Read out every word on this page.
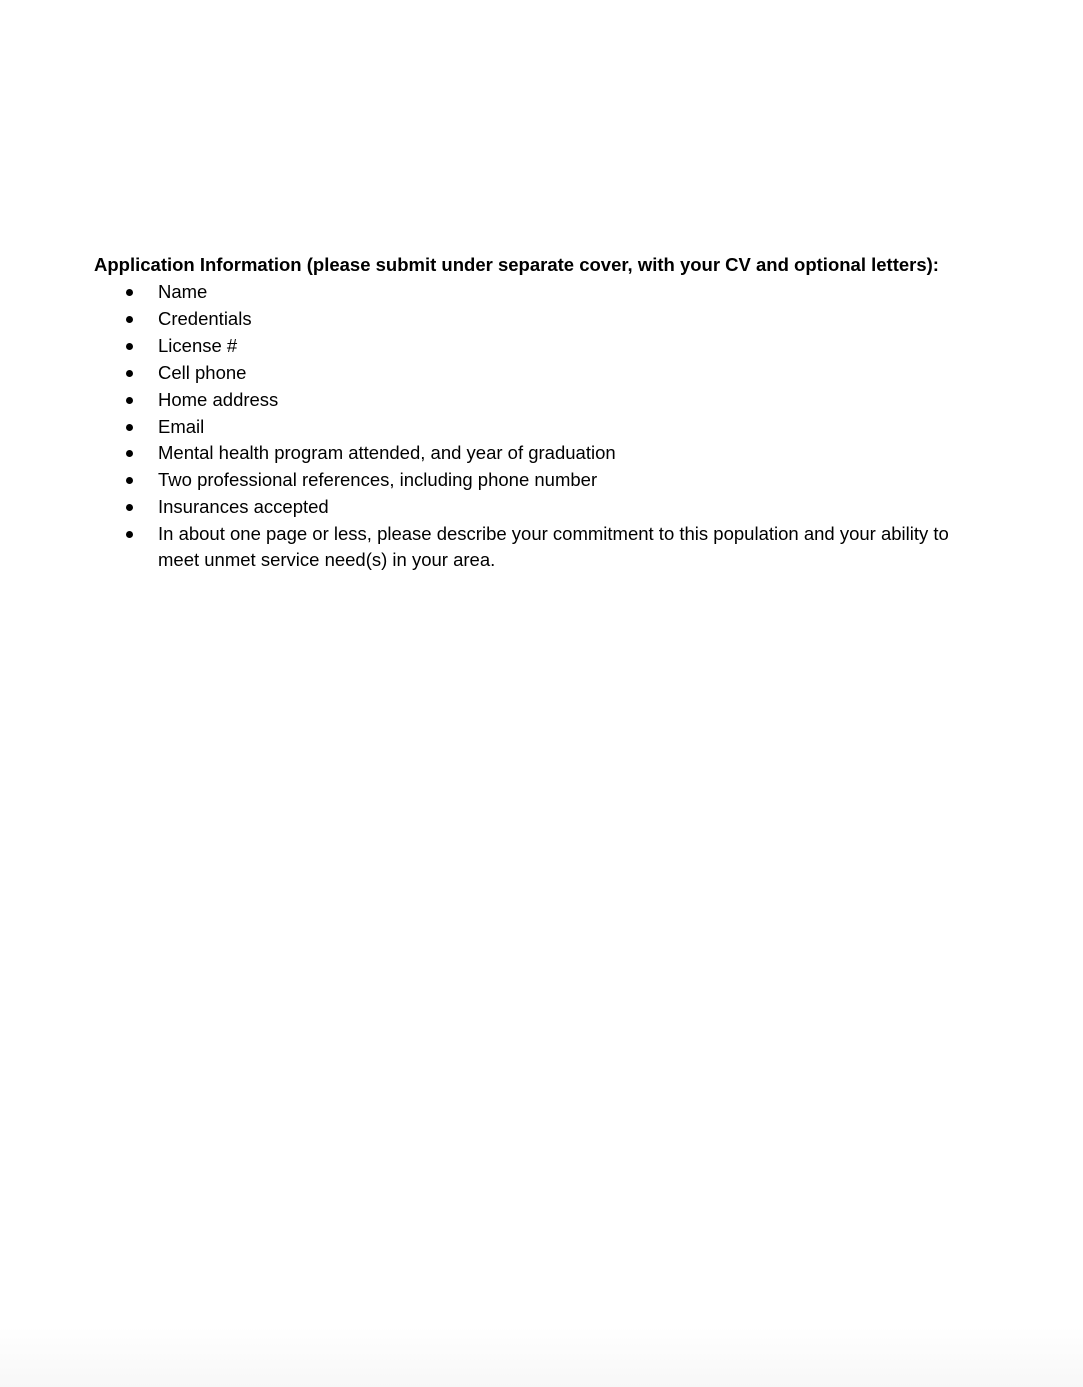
Application Information (please submit under separate cover, with your CV and optional letters):

Name
Credentials
License #
Cell phone
Home address
Email
Mental health program attended, and year of graduation
Two professional references, including phone number
Insurances accepted
In about one page or less, please describe your commitment to this population and your ability to meet unmet service need(s) in your area.
